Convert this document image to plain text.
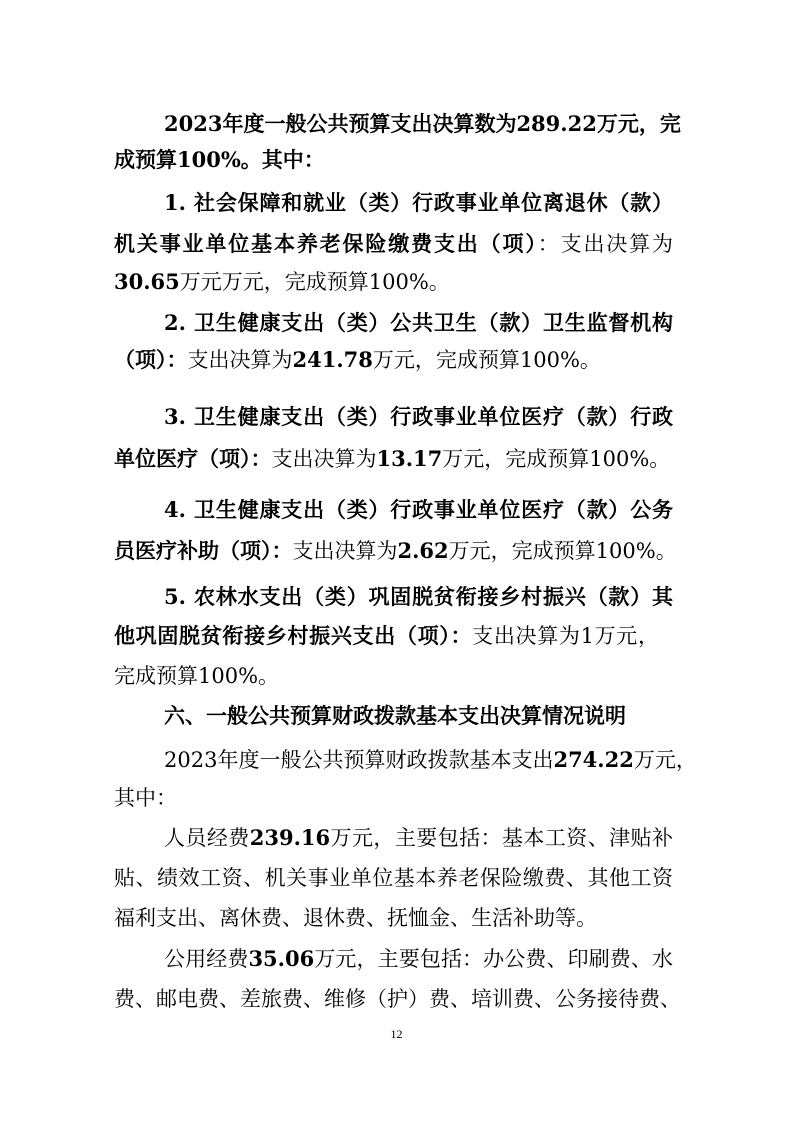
2023年度一般公共预算支出决算数为289.22万元，完
成预算100%。其中：
1. 社会保障和就业（类）行政事业单位离退休（款）
机关事业单位基本养老保险缴费支出（项）：支出决算为
30.65万元万元，完成预算100%。
2. 卫生健康支出（类）公共卫生（款）卫生监督机构
（项）：支出决算为241.78万元，完成预算100%。
3. 卫生健康支出（类）行政事业单位医疗（款）行政
单位医疗（项）：支出决算为13.17万元，完成预算100%。
4. 卫生健康支出（类）行政事业单位医疗（款）公务
员医疗补助（项）：支出决算为2.62万元，完成预算100%。
5. 农林水支出（类）巩固脱贫衔接乡村振兴（款）其
他巩固脱贫衔接乡村振兴支出（项）：支出决算为1万元，
完成预算100%。
六、一般公共预算财政拨款基本支出决算情况说明
2023年度一般公共预算财政拨款基本支出274.22万元，
其中：
人员经费239.16万元，主要包括：基本工资、津贴补
贴、绩效工资、机关事业单位基本养老保险缴费、其他工资
福利支出、离休费、退休费、抚恤金、生活补助等。
公用经费35.06万元，主要包括：办公费、印刷费、水
费、邮电费、差旅费、维修（护）费、培训费、公务接待费、
12
